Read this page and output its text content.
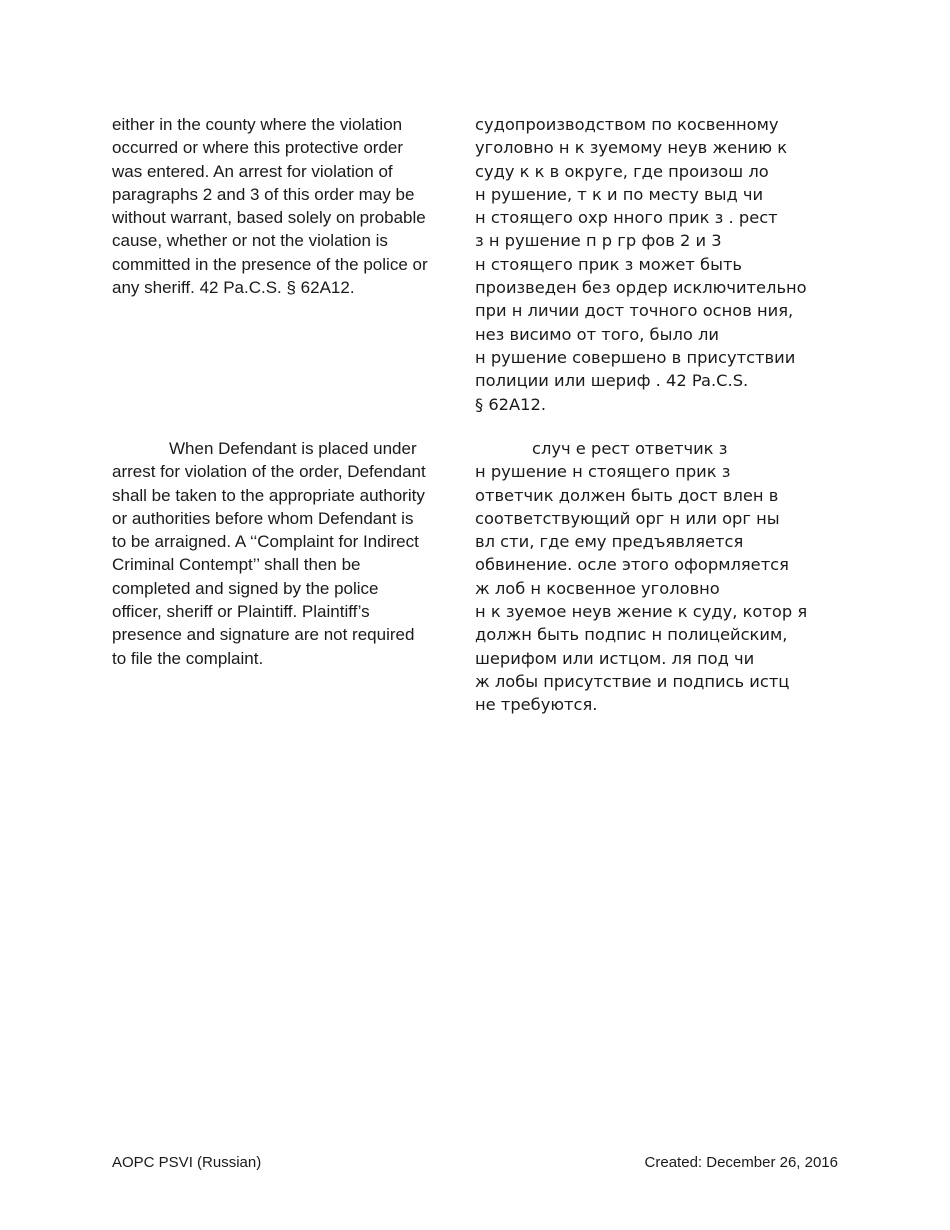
either in the county where the violation
occurred or where this protective order
was entered. An arrest for violation of
paragraphs 2 and 3 of this order may be
without warrant, based solely on probable
cause, whether or not the violation is
committed in the presence of the police or
any sheriff. 42 Pa.C.S. § 62A12.

судопроизводством по косвенному
уголовно н к зуемому неув жению к
суду к к в округе, где произош ло
н рушение, т к и по месту выд чи
н стоящего охр нного прик з . рест
з н рушение п р гр фов 2 и 3
н стоящего прик з может быть
произведен без ордер исключительно
при н личии дост точного основ ния,
нез висимо от того, было ли
н рушение совершено в присутствии
полиции или шериф . 42 Pa.C.S.
§ 62A12.

When Defendant is placed under
arrest for violation of the order, Defendant
shall be taken to the appropriate authority
or authorities before whom Defendant is
to be arraigned. A ‘‘Complaint for Indirect
Criminal Contempt’’ shall then be
completed and signed by the police
officer, sheriff or Plaintiff. Plaintiff’s
presence and signature are not required
to file the complaint.

случ е рест ответчик з
н рушение н стоящего прик з
ответчик должен быть дост влен в
соответствующий орг н или орг ны
вл сти, где ему предъявляется
обвинение. осле этого оформляется
ж лоб н косвенное уголовно
н к зуемое неув жение к суду, котор я
должн быть подпис н полицейским,
шерифом или истцом. ля под чи
ж лобы присутствие и подпись истц
не требуются.

AOPC PSVI (Russian)	Created: December 26, 2016
